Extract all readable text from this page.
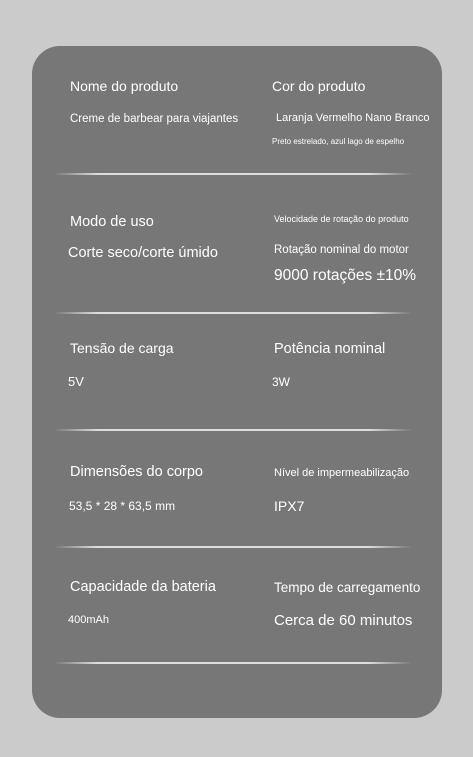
Nome do produto
Creme de barbear para viajantes
Cor do produto
Laranja Vermelho Nano Branco
Preto estrelado, azul lago de espelho
Modo de uso
Corte seco/corte úmido
Velocidade de rotação do produto
Rotação nominal do motor
9000 rotações ±10%
Tensão de carga
5V
Potência nominal
3W
Dimensões do corpo
53,5 * 28 * 63,5 mm
Nível de impermeabilização
IPX7
Capacidade da bateria
400mAh
Tempo de carregamento
Cerca de 60 minutos
